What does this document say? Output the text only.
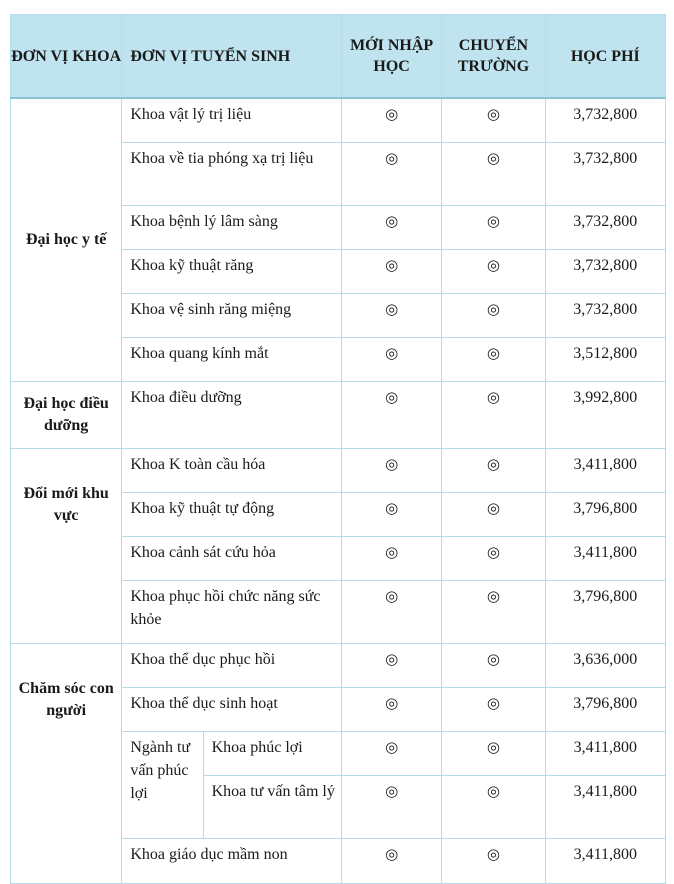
ĐƠN VỊ KHOA	ĐƠN VỊ TUYỂN SINH		MỚI NHẬP HỌC	CHUYỂN TRƯỜNG	HỌC PHÍ
Đại học y tế	Khoa vật lý trị liệu		◎	◎	3,732,800
	Khoa về tia phóng xạ trị liệu		◎	◎	3,732,800
	Khoa bệnh lý lâm sàng		◎	◎	3,732,800
	Khoa kỹ thuật răng		◎	◎	3,732,800
	Khoa vệ sinh răng miệng		◎	◎	3,732,800
	Khoa quang kính mắt		◎	◎	3,512,800
Đại học điều dưỡng	Khoa điều dưỡng		◎	◎	3,992,800

Đổi mới khu vực	Khoa K toàn cầu hóa		◎	◎	3,411,800
	Khoa kỹ thuật tự động		◎	◎	3,796,800
	Khoa cảnh sát cứu hỏa		◎	◎	3,411,800
	Khoa phục hồi chức năng sức khỏe		◎	◎	3,796,800

Chăm sóc con người	Khoa thể dục phục hồi		◎	◎	3,636,000
	Khoa thể dục sinh hoạt		◎	◎	3,796,800
	Ngành tư vấn phúc lợi	Khoa phúc lợi	◎	◎	3,411,800
		Khoa tư vấn tâm lý	◎	◎	3,411,800
	Khoa giáo dục mầm non		◎	◎	3,411,800
